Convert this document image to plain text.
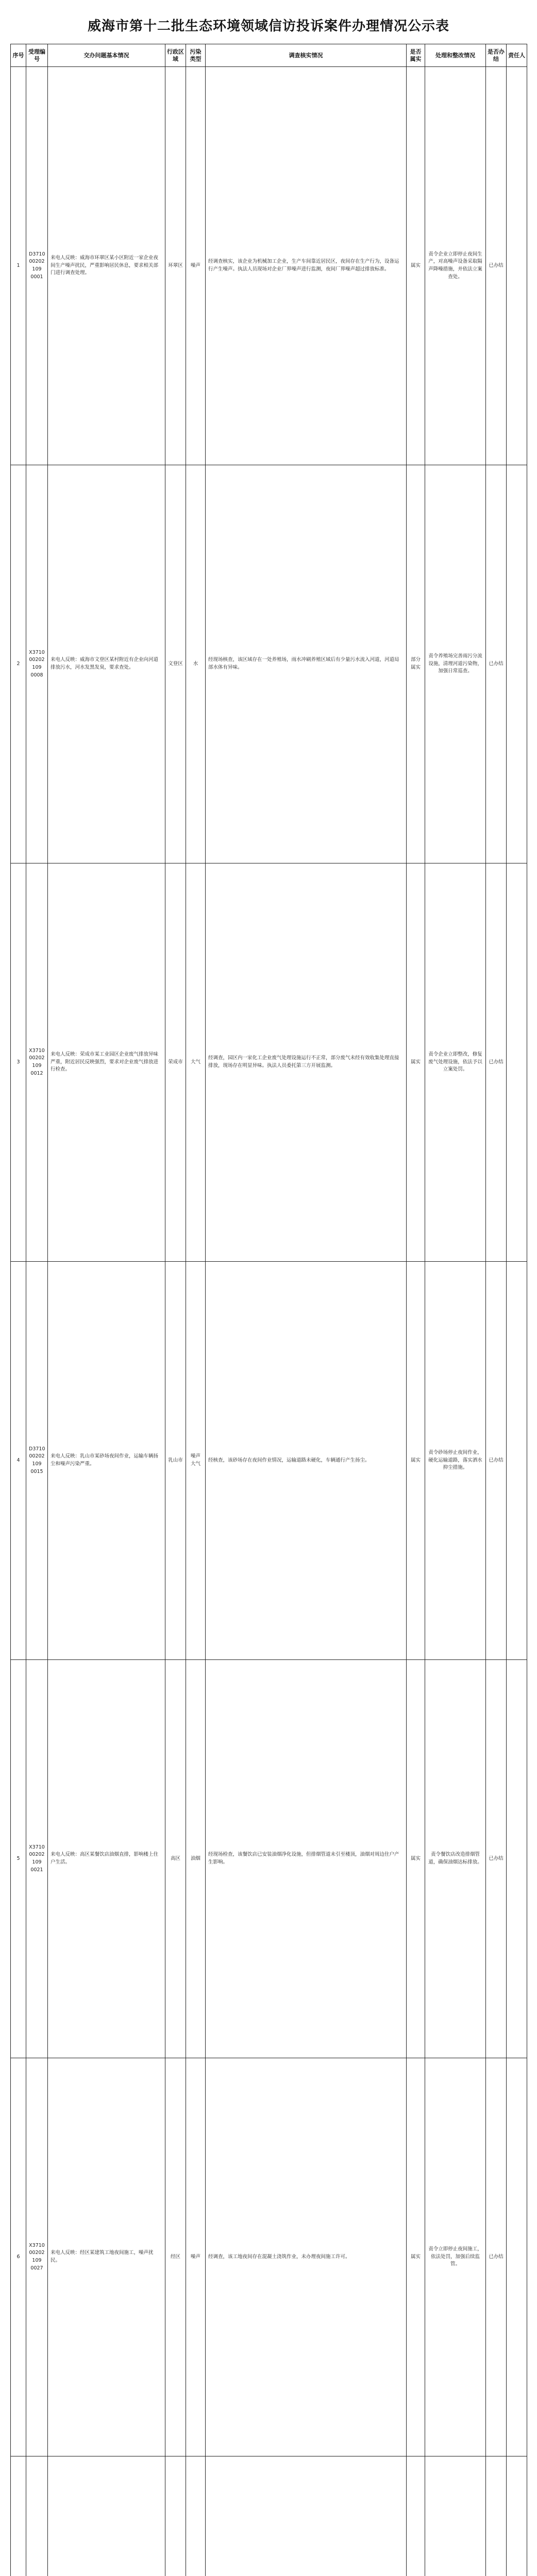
威海市第十二批生态环境领域信访投诉案件办理情况公示表
序号	受理编号	交办问题基本情况	行政区域	污染类型	调查核实情况	是否属实	处理和整改情况	是否办结	责任人
1	D3710
00202
109
0001	来电人反映：威海市环翠区某小区附近一家企业夜间生产噪声扰民，严重影响居民休息，要求相关部门进行调查处理。	环翠区	噪声	经调查核实，该企业为机械加工企业，生产车间靠近居民区，夜间存在生产行为，设备运行产生噪声。执法人员现场对企业厂界噪声进行监测，夜间厂界噪声超过排放标准。	属实	责令企业立即停止夜间生产，对高噪声设备采取隔声降噪措施，并依法立案查处。	已办结	
2	X3710
00202
109
0008	来电人反映：威海市文登区某村附近有企业向河道排放污水，河水发黑发臭，要求查处。	文登区	水	经现场核查，该区域存在一处养殖场，雨水冲刷养殖区域后有少量污水流入河道，河道局部水体有异味。	部分属实	责令养殖场完善雨污分流设施，清理河道污染物，加强日常巡查。	已办结	
3	X3710
00202
109
0012	来电人反映：荣成市某工业园区企业废气排放异味严重，附近居民反映强烈，要求对企业废气排放进行检查。	荣成市	大气	经调查，园区内一家化工企业废气处理设施运行不正常，部分废气未经有效收集处理直接排放，现场存在明显异味。执法人员委托第三方开展监测。	属实	责令企业立即整改，修复废气处理设施，依法予以立案处罚。	已办结	
4	D3710
00202
109
0015	来电人反映：乳山市某砂场夜间作业，运输车辆扬尘和噪声污染严重。	乳山市	噪声
大气	经核查，该砂场存在夜间作业情况，运输道路未硬化，车辆通行产生扬尘。	属实	责令砂场停止夜间作业，硬化运输道路，落实洒水抑尘措施。	已办结	
5	X3710
00202
109
0021	来电人反映：高区某餐饮店油烟直排，影响楼上住户生活。	高区	油烟	经现场检查，该餐饮店已安装油烟净化设施，但排烟管道未引至楼顶，油烟对周边住户产生影响。	属实	责令餐饮店改造排烟管道，确保油烟达标排放。	已办结	
6	X3710
00202
109
0027	来电人反映：经区某建筑工地夜间施工，噪声扰民。	经区	噪声	经调查，该工地夜间存在混凝土浇筑作业，未办理夜间施工许可。	属实	责令立即停止夜间施工，依法处罚，加强后续监管。	已办结	
